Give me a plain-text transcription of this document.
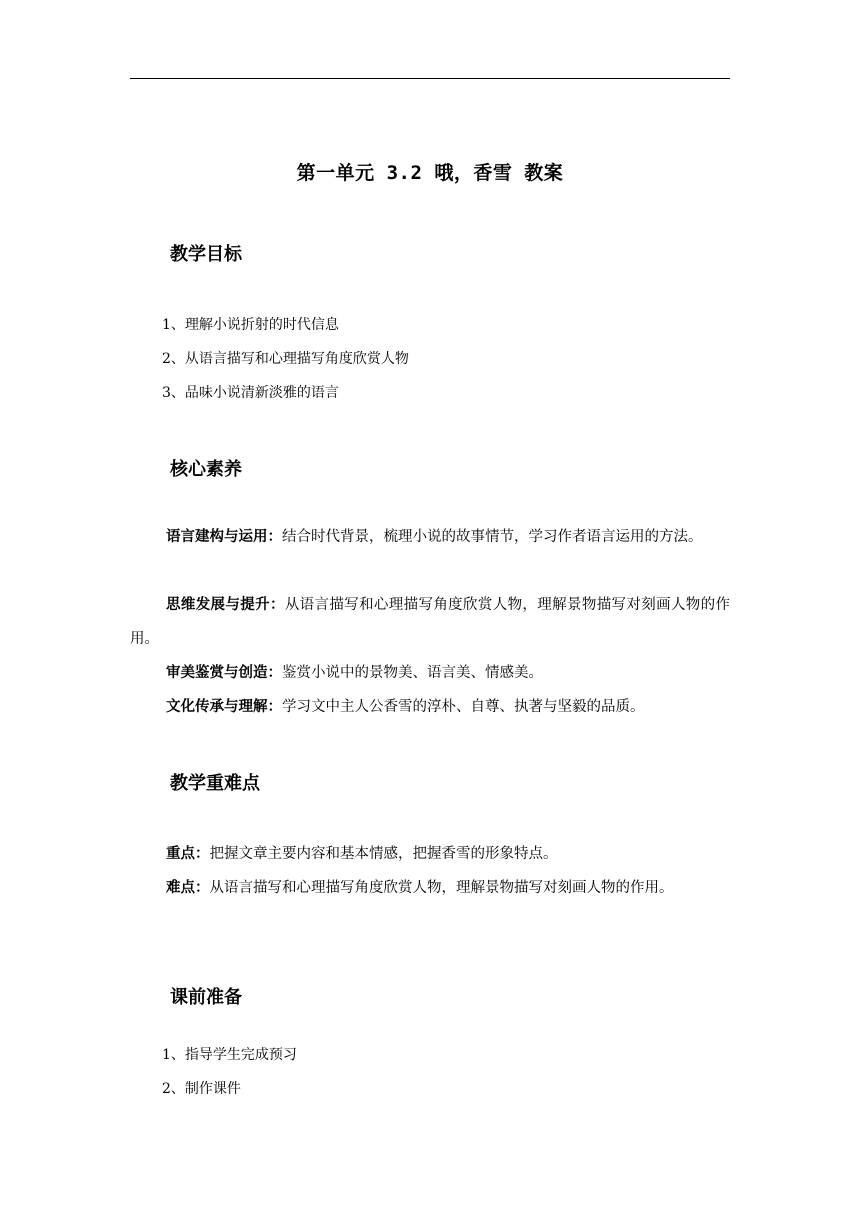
第一单元 3.2 哦，香雪 教案
教学目标
1、理解小说折射的时代信息
2、从语言描写和心理描写角度欣赏人物
3、品味小说清新淡雅的语言
核心素养

语言建构与运用：结合时代背景，梳理小说的故事情节，学习作者语言运用的方法。

思维发展与提升：从语言描写和心理描写角度欣赏人物，理解景物描写对刻画人物的作用。

审美鉴赏与创造：鉴赏小说中的景物美、语言美、情感美。

文化传承与理解：学习文中主人公香雪的淳朴、自尊、执著与坚毅的品质。

教学重难点

重点：把握文章主要内容和基本情感，把握香雪的形象特点。

难点：从语言描写和心理描写角度欣赏人物，理解景物描写对刻画人物的作用。

课前准备
1、指导学生完成预习
2、制作课件
